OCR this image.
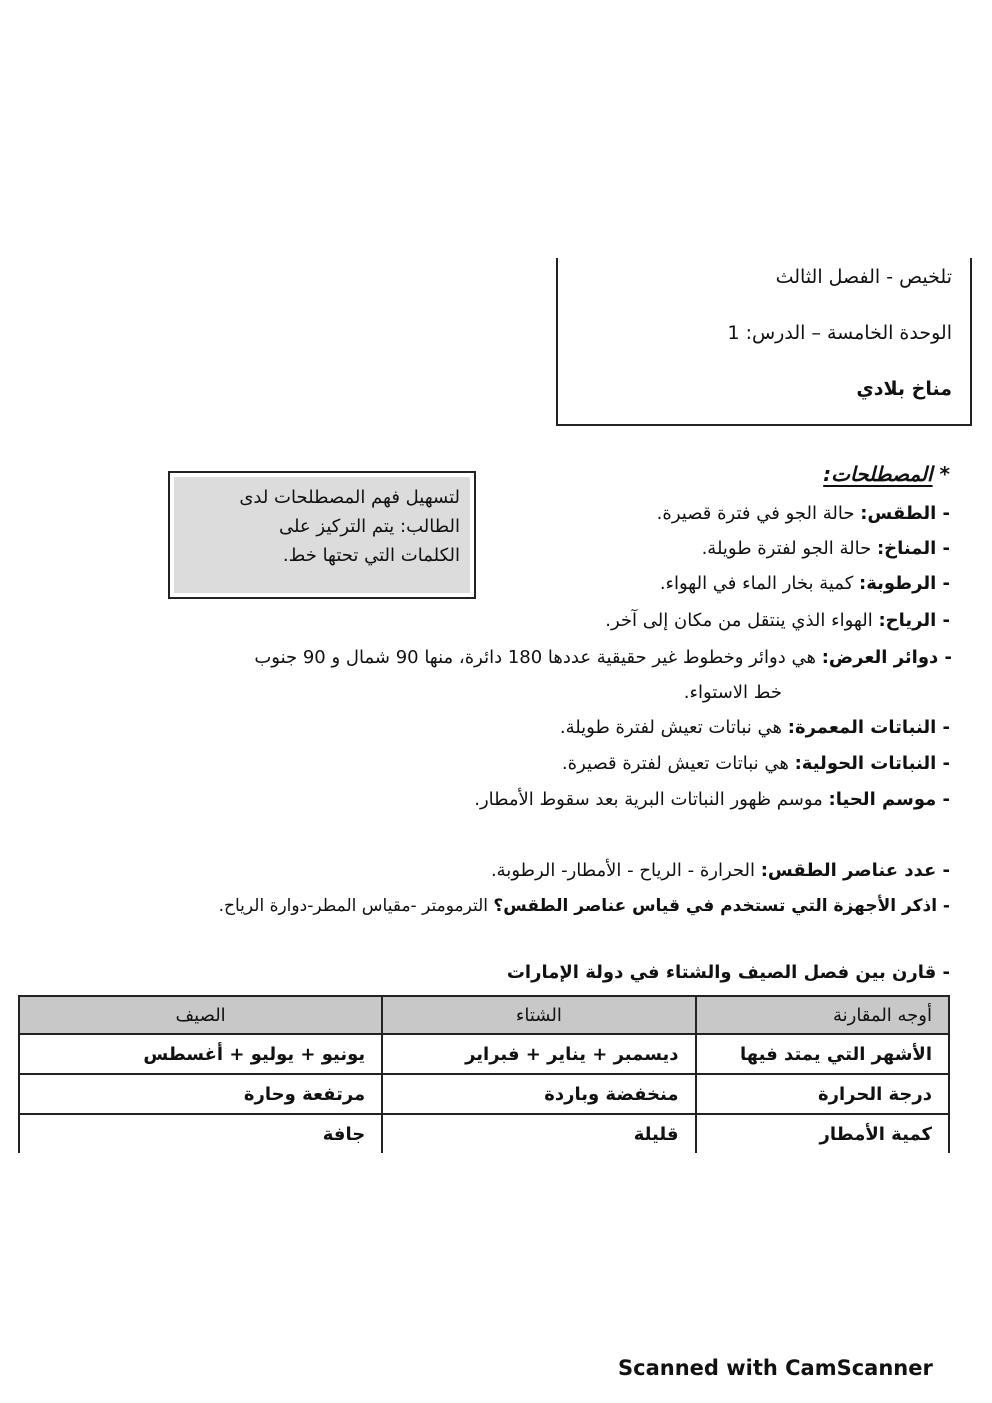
تلخيص - الفصل الثالث
الوحدة الخامسة – الدرس: 1
مناخ بلادي
* المصطلحات:
لتسهيل فهم المصطلحات لدى
الطالب: يتم التركيز على
الكلمات التي تحتها خط.
- الطقس: حالة الجو في فترة قصيرة.
- المناخ: حالة الجو لفترة طويلة.
- الرطوبة: كمية بخار الماء في الهواء.
- الرياح: الهواء الذي ينتقل من مكان إلى آخر.
- دوائر العرض: هي دوائر وخطوط غير حقيقية عددها 180 دائرة، منها 90 شمال و 90 جنوب
خط الاستواء.
- النباتات المعمرة: هي نباتات تعيش لفترة طويلة.
- النباتات الحولية: هي نباتات تعيش لفترة قصيرة.
- موسم الحيا: موسم ظهور النباتات البرية بعد سقوط الأمطار.
- عدد عناصر الطقس: الحرارة - الرياح - الأمطار- الرطوبة.
- اذكر الأجهزة التي تستخدم في قياس عناصر الطقس؟ الترمومتر -مقياس المطر-دوارة الرياح.
- قارن بين فصل الصيف والشتاء في دولة الإمارات
أوجه المقارنة	الشتاء	الصيف
الأشهر التي يمتد فيها	ديسمبر + يناير + فبراير	يونيو + يوليو + أغسطس
درجة الحرارة	منخفضة وباردة	مرتفعة وحارة
كمية الأمطار	قليلة	جافة
Scanned with CamScanner
